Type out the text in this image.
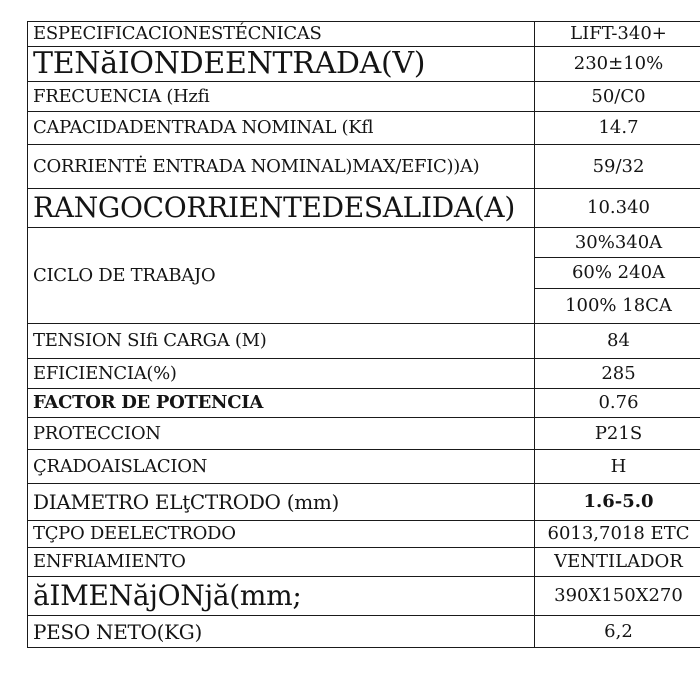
ESPECIFICACIONESTÉCNICAS	LIFT-340+
TENăIONDEENTRADA(V)	230±10%
FRECUENCIA (Hzfi	50/C0
CAPACIDADENTRADA NOMINAL (Kfl	14.7
CORRIENTĖ ENTRADA NOMINAL)MAX/EFIC))A)	59/32
RANGOCORRIENTEDESALIDA(A)	10.340
CICLO DE TRABAJO	30%340A
	60% 240A
	100% 18CA
TENSION SIfi CARGA (M)	84
EFICIENCIA(%)	285
FACTOR DE POTENCIA	0.76
PROTECCION	P21S
ÇRADOAISLACION	H
DIAMETRO ELţCTRODO (mm)	1.6-5.0
TÇPO DEELECTRODO	6013,7018 ETC
ENFRIAMIENTO	VENTILADOR
ăIMENăjONjă(mm;	390X150X270
PESO NETO(KG)	6,2
